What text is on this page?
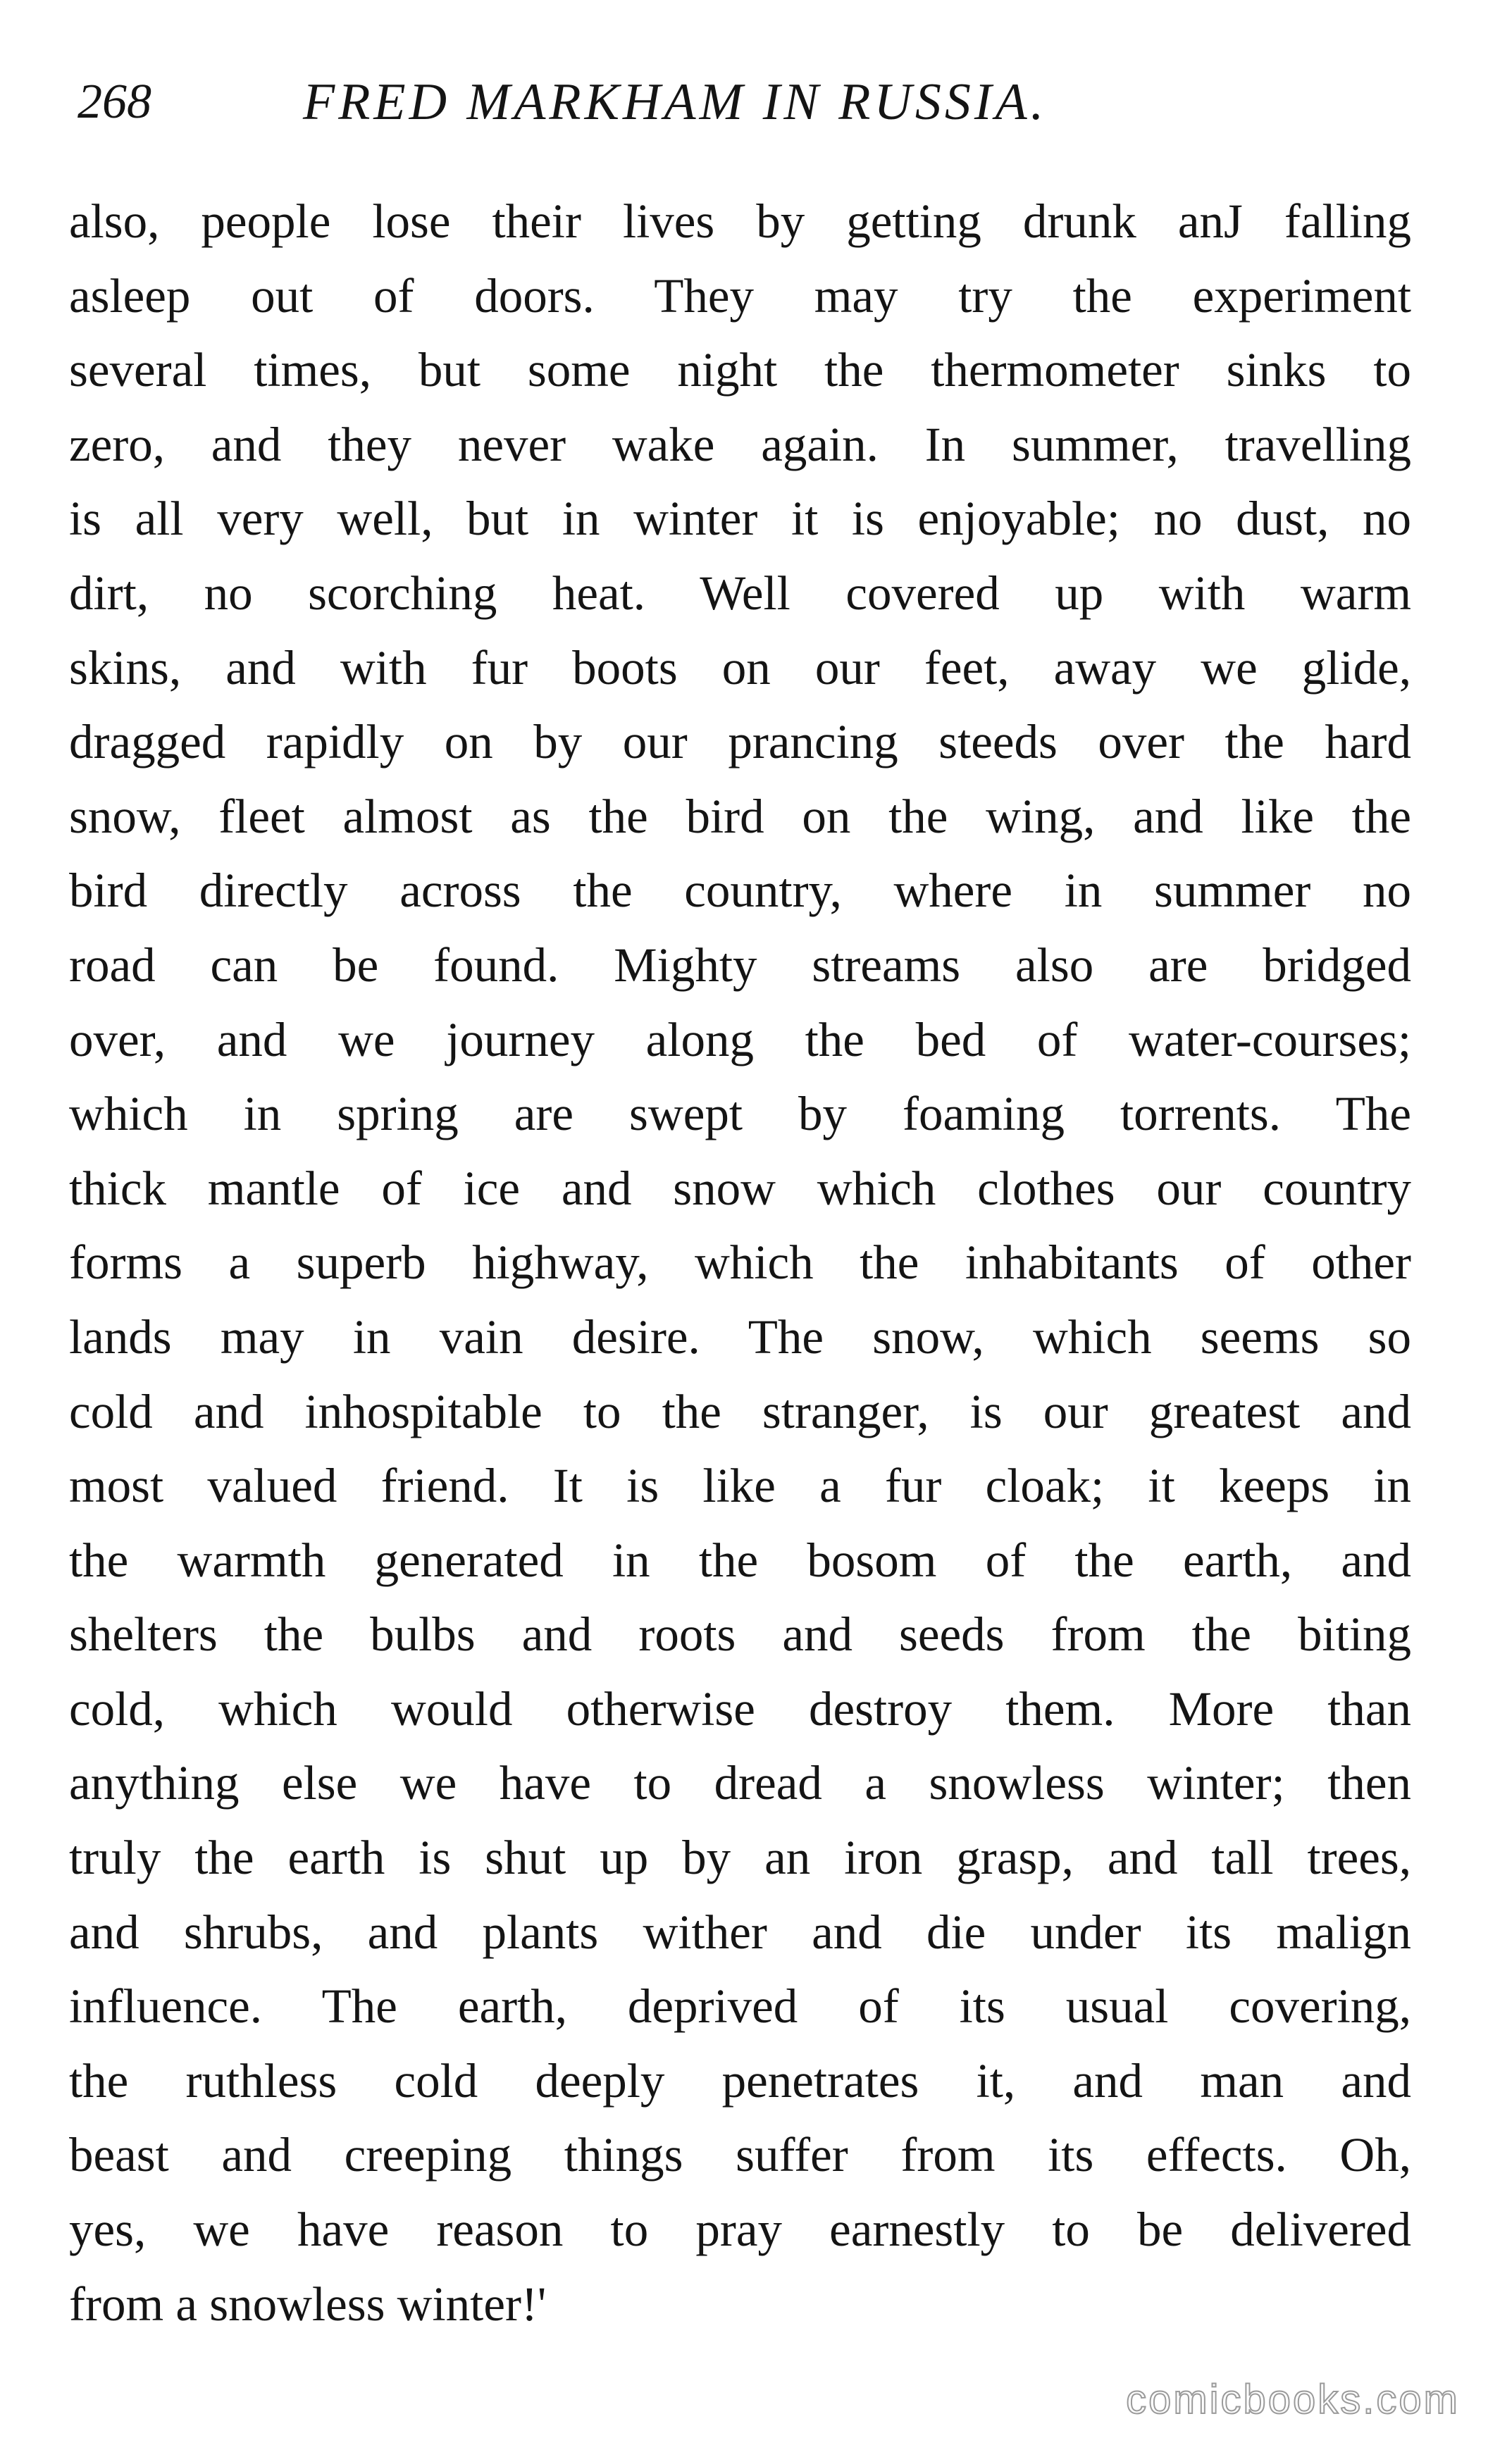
268	FRED MARKHAM IN RUSSIA.
also, people lose their lives by getting drunk anJ falling
asleep out of doors. They may try the experiment
several times, but some night the thermometer sinks to
zero, and they never wake again. In summer, travelling
is all very well, but in winter it is enjoyable; no dust, no
dirt, no scorching heat. Well covered up with warm
skins, and with fur boots on our feet, away we glide,
dragged rapidly on by our prancing steeds over the hard
snow, fleet almost as the bird on the wing, and like the
bird directly across the country, where in summer no
road can be found. Mighty streams also are bridged
over, and we journey along the bed of water-courses;
which in spring are swept by foaming torrents. The
thick mantle of ice and snow which clothes our country
forms a superb highway, which the inhabitants of other
lands may in vain desire. The snow, which seems so
cold and inhospitable to the stranger, is our greatest and
most valued friend. It is like a fur cloak; it keeps in
the warmth generated in the bosom of the earth, and
shelters the bulbs and roots and seeds from the biting
cold, which would otherwise destroy them. More than
anything else we have to dread a snowless winter; then
truly the earth is shut up by an iron grasp, and tall trees,
and shrubs, and plants wither and die under its malign
influence. The earth, deprived of its usual covering,
the ruthless cold deeply penetrates it, and man and
beast and creeping things suffer from its effects. Oh,
yes, we have reason to pray earnestly to be delivered
from a snowless winter!'
comicbooks.com
